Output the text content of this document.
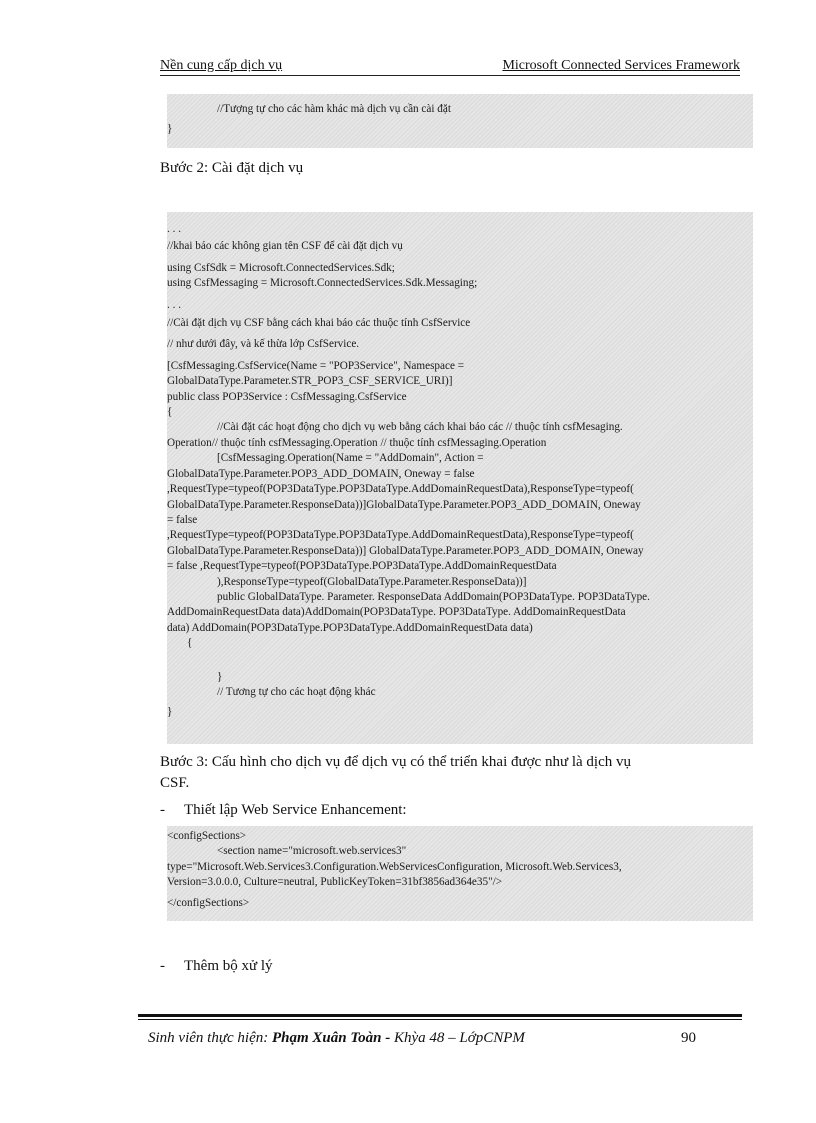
Nền cung cấp dịch vụ	Microsoft Connected Services Framework
//Tượng tự cho các hàm khác mà dịch vụ cần cài đặt
}
Bước 2: Cài đặt dịch vụ
. . .
//khai báo các không gian tên CSF để cài đặt dịch vụ
using CsfSdk = Microsoft.ConnectedServices.Sdk;
using CsfMessaging = Microsoft.ConnectedServices.Sdk.Messaging;
. . .
//Cài đặt dịch vụ CSF bằng cách khai báo các thuộc tính CsfService
// như dưới đây, và kế thừa lớp CsfService.
[CsfMessaging.CsfService(Name = "POP3Service", Namespace =
GlobalDataType.Parameter.STR_POP3_CSF_SERVICE_URI)]
public class POP3Service : CsfMessaging.CsfService
{
//Cài đặt các hoạt động cho dịch vụ web bằng cách khai báo các // thuộc tính csfMesaging.
Operation// thuộc tính csfMessaging.Operation // thuộc tính csfMessaging.Operation
[CsfMessaging.Operation(Name = "AddDomain", Action =
GlobalDataType.Parameter.POP3_ADD_DOMAIN, Oneway = false
,RequestType=typeof(POP3DataType.POP3DataType.AddDomainRequestData),ResponseType=typeof(
GlobalDataType.Parameter.ResponseData))]GlobalDataType.Parameter.POP3_ADD_DOMAIN, Oneway
= false
,RequestType=typeof(POP3DataType.POP3DataType.AddDomainRequestData),ResponseType=typeof(
GlobalDataType.Parameter.ResponseData))] GlobalDataType.Parameter.POP3_ADD_DOMAIN, Oneway
= false ,RequestType=typeof(POP3DataType.POP3DataType.AddDomainRequestData
),ResponseType=typeof(GlobalDataType.Parameter.ResponseData))]
public GlobalDataType. Parameter. ResponseData AddDomain(POP3DataType. POP3DataType.
AddDomainRequestData data)AddDomain(POP3DataType. POP3DataType. AddDomainRequestData
data) AddDomain(POP3DataType.POP3DataType.AddDomainRequestData data)
{
}
// Tương tự cho các hoạt động khác
}
Bước 3: Cấu hình cho dịch vụ để dịch vụ có thể triển khai được như là dịch vụ
CSF.
- Thiết lập Web Service Enhancement:
<configSections>
<section name="microsoft.web.services3"
type="Microsoft.Web.Services3.Configuration.WebServicesConfiguration, Microsoft.Web.Services3,
Version=3.0.0.0, Culture=neutral, PublicKeyToken=31bf3856ad364e35"/>
</configSections>
- Thêm bộ xử lý
Sinh viên thực hiện: Phạm Xuân Toàn - Khỳa 48 – LớpCNPM	90
